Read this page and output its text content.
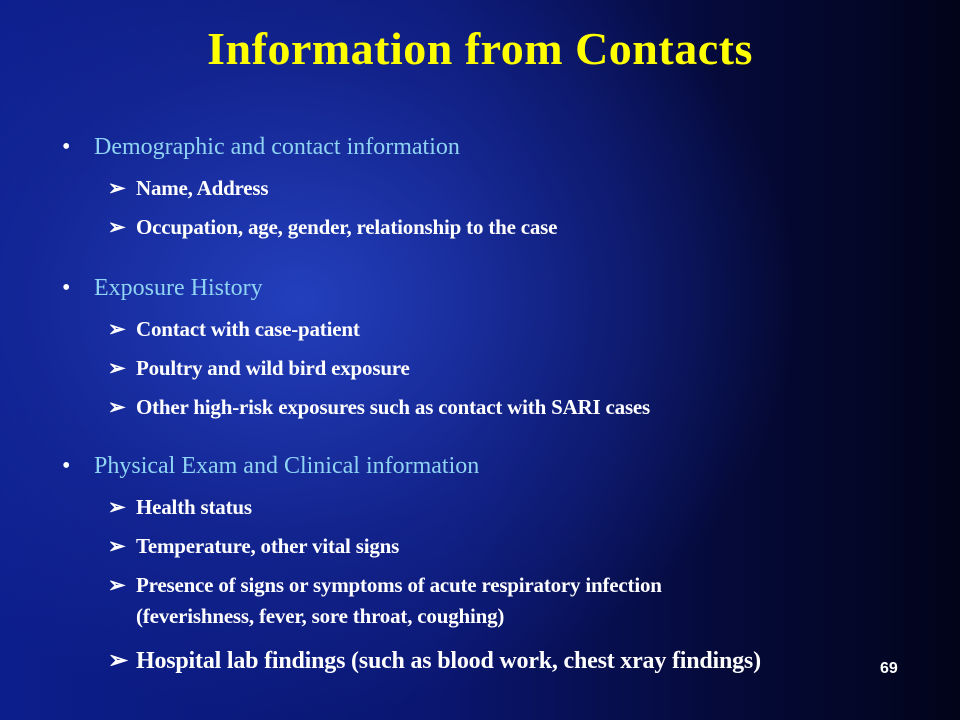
Information from Contacts
• Demographic and contact information
➢ Name, Address
➢ Occupation, age, gender, relationship to the case
• Exposure History
➢ Contact with case-patient
➢ Poultry and wild bird exposure
➢ Other high-risk exposures such as contact with SARI cases
• Physical Exam and Clinical information
➢ Health status
➢ Temperature, other vital signs
➢ Presence of signs or symptoms of acute respiratory infection
(feverishness, fever, sore throat, coughing)
➢ Hospital lab findings (such as blood work, chest xray findings)	69
